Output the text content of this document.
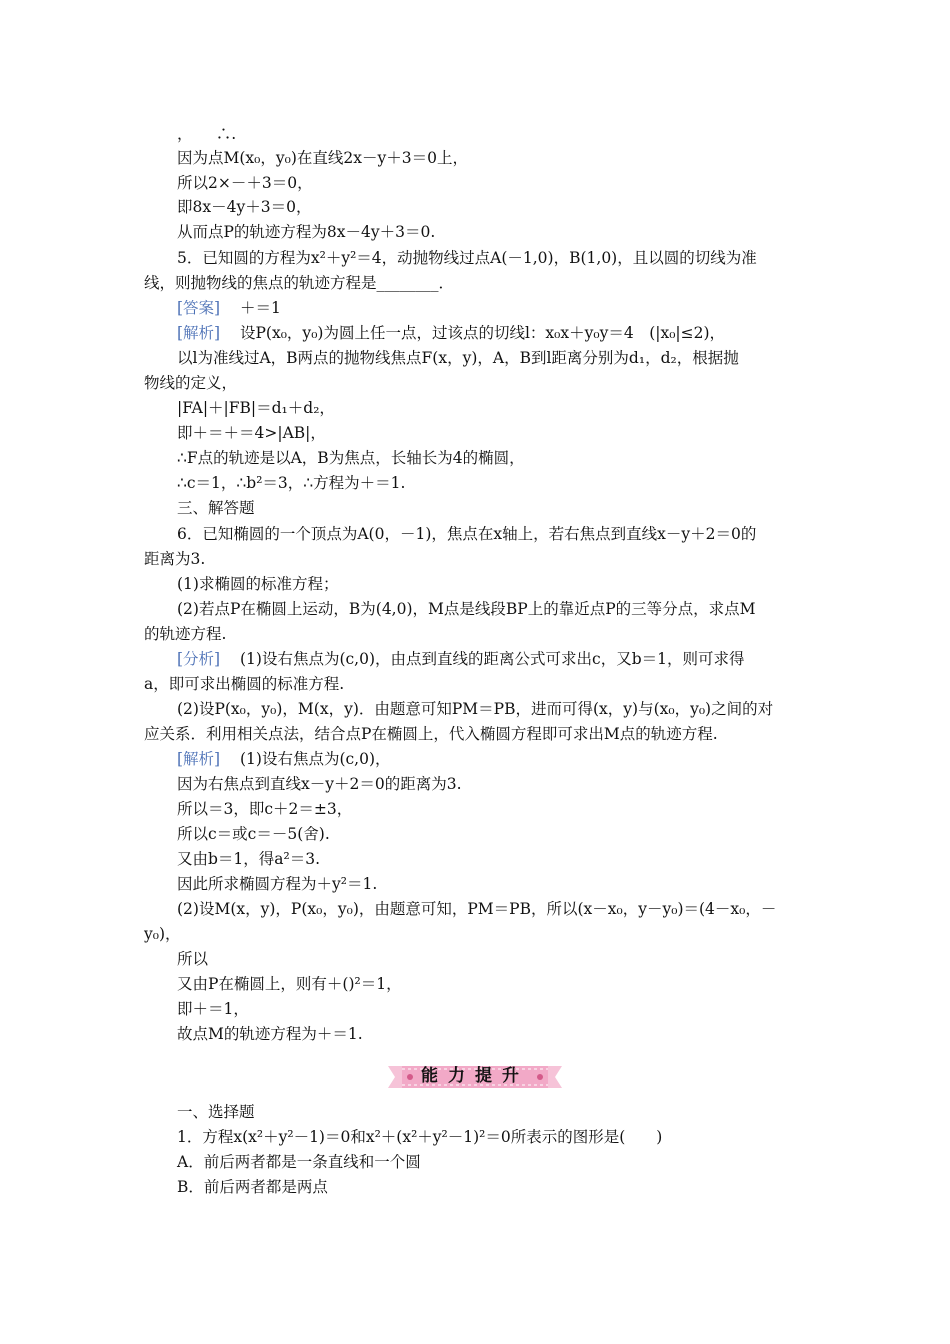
，　　∴.
因为点M(x₀，y₀)在直线2x－y＋3＝0上，
所以2×－＋3＝0，
即8x－4y＋3＝0，
从而点P的轨迹方程为8x－4y＋3＝0.
5．已知圆的方程为x²＋y²＝4，动抛物线过点A(－1,0)，B(1,0)，且以圆的切线为准
线，则抛物线的焦点的轨迹方程是________．
[答案] ＋＝1
[解析] 设P(x₀，y₀)为圆上任一点，过该点的切线l：x₀x＋y₀y＝4　(|x₀|≤2)，
以l为准线过A，B两点的抛物线焦点F(x，y)，A，B到l距离分别为d₁，d₂，根据抛
物线的定义，
|FA|＋|FB|＝d₁＋d₂，
即＋＝＋＝4>|AB|，
∴F点的轨迹是以A，B为焦点，长轴长为4的椭圆，
∴c＝1，∴b²＝3，∴方程为＋＝1.
三、解答题
6．已知椭圆的一个顶点为A(0，－1)，焦点在x轴上，若右焦点到直线x－y＋2＝0的
距离为3.
(1)求椭圆的标准方程；
(2)若点P在椭圆上运动，B为(4,0)，M点是线段BP上的靠近点P的三等分点，求点M
的轨迹方程.
[分析] (1)设右焦点为(c,0)，由点到直线的距离公式可求出c，又b＝1，则可求得
a，即可求出椭圆的标准方程.
(2)设P(x₀，y₀)，M(x，y)．由题意可知PM＝PB，进而可得(x，y)与(x₀，y₀)之间的对
应关系．利用相关点法，结合点P在椭圆上，代入椭圆方程即可求出M点的轨迹方程.
[解析] (1)设右焦点为(c,0)，
因为右焦点到直线x－y＋2＝0的距离为3.
所以＝3，即c＋2＝±3，
所以c＝或c＝－5(舍).
又由b＝1，得a²＝3.
因此所求椭圆方程为＋y²＝1.
(2)设M(x，y)，P(x₀，y₀)，由题意可知，PM＝PB，所以(x－x₀，y－y₀)＝(4－x₀，－
y₀)，
所以
又由P在椭圆上，则有＋()²＝1，
即＋＝1，
故点M的轨迹方程为＋＝1.
能力提升
一、选择题
1．方程x(x²＋y²－1)＝0和x²＋(x²＋y²－1)²＝0所表示的图形是(　　)
A．前后两者都是一条直线和一个圆
B．前后两者都是两点
